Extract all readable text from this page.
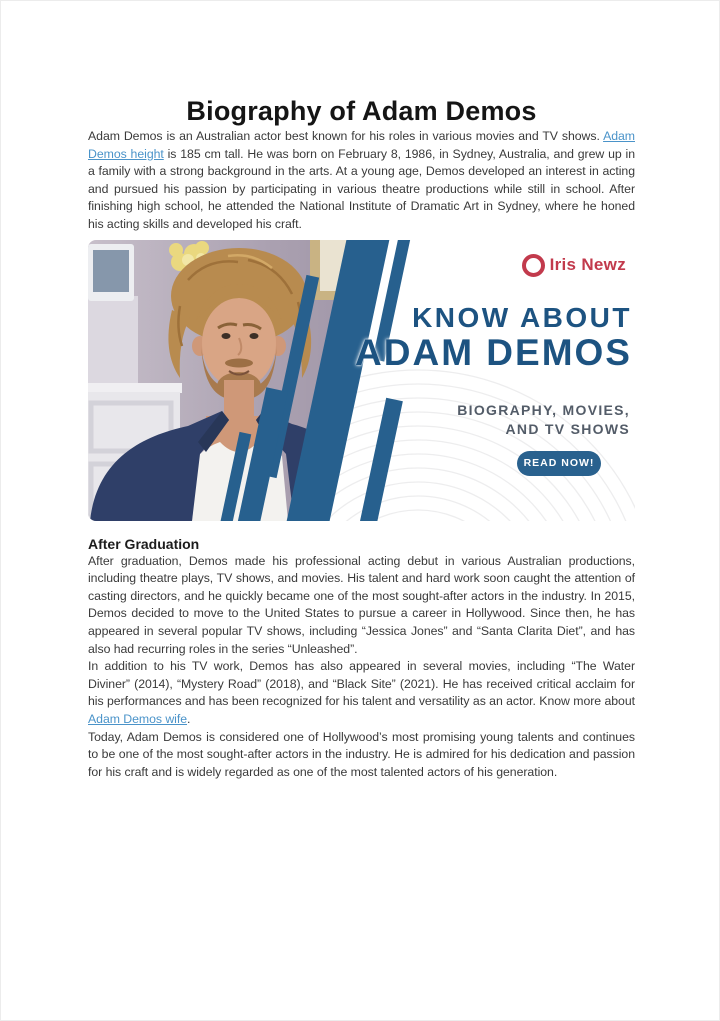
Biography of Adam Demos

Adam Demos is an Australian actor best known for his roles in various movies and TV shows. Adam Demos height is 185 cm tall. He was born on February 8, 1986, in Sydney, Australia, and grew up in a family with a strong background in the arts. At a young age, Demos developed an interest in acting and pursued his passion by participating in various theatre productions while still in school. After finishing high school, he attended the National Institute of Dramatic Art in Sydney, where he honed his acting skills and developed his craft.

Iris Newz
KNOW ABOUT
ADAM DEMOS
BIOGRAPHY, MOVIES,
AND TV SHOWS
READ NOW!
After Graduation

After graduation, Demos made his professional acting debut in various Australian productions, including theatre plays, TV shows, and movies. His talent and hard work soon caught the attention of casting directors, and he quickly became one of the most sought-after actors in the industry. In 2015, Demos decided to move to the United States to pursue a career in Hollywood. Since then, he has appeared in several popular TV shows, including “Jessica Jones” and “Santa Clarita Diet”, and has also had recurring roles in the series “Unleashed”.

In addition to his TV work, Demos has also appeared in several movies, including “The Water Diviner” (2014), “Mystery Road” (2018), and “Black Site” (2021). He has received critical acclaim for his performances and has been recognized for his talent and versatility as an actor. Know more about Adam Demos wife.

Today, Adam Demos is considered one of Hollywood’s most promising young talents and continues to be one of the most sought-after actors in the industry. He is admired for his dedication and passion for his craft and is widely regarded as one of the most talented actors of his generation.
